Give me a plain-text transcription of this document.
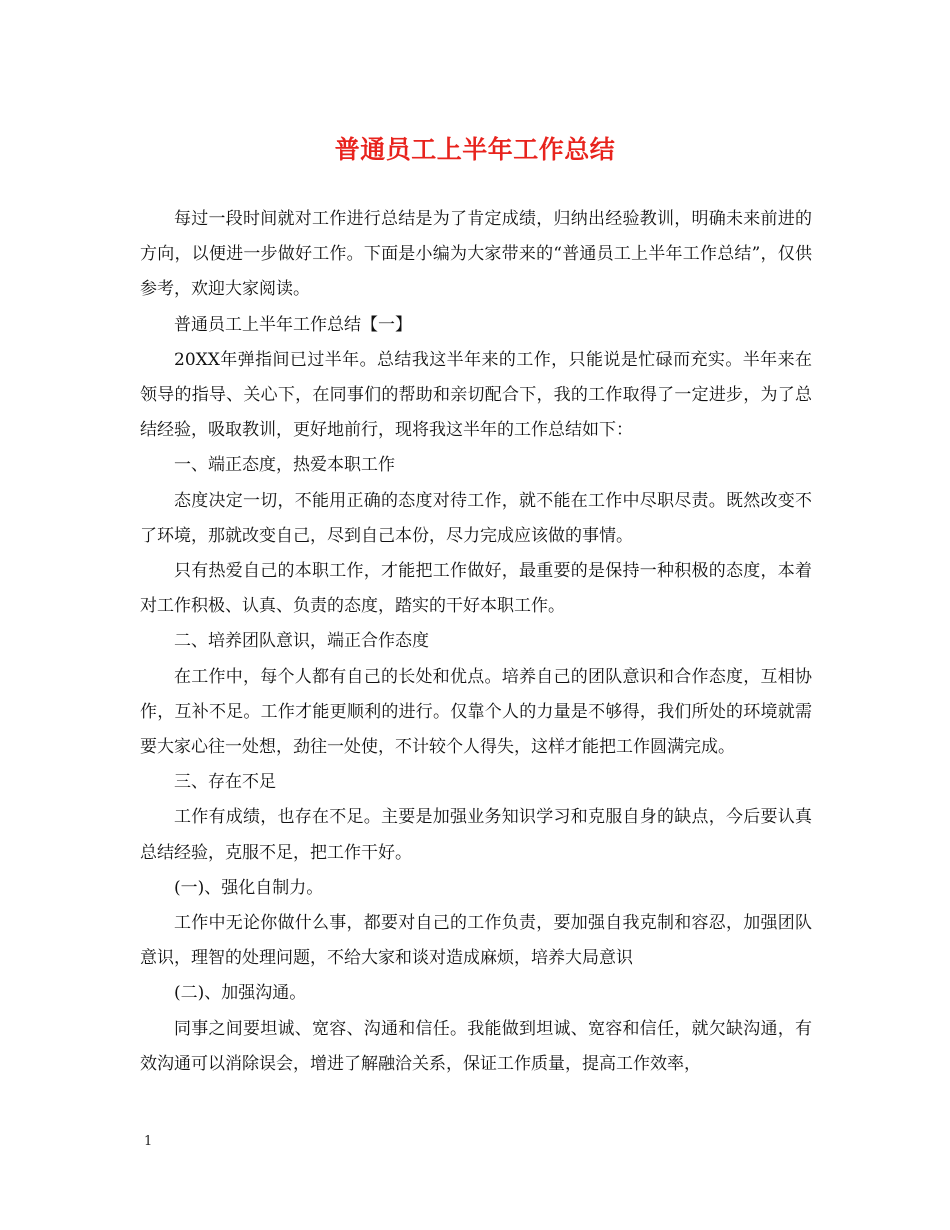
普通员工上半年工作总结

每过一段时间就对工作进行总结是为了肯定成绩，归纳出经验教训，明确未来前进的方向，以便进一步做好工作。下面是小编为大家带来的“普通员工上半年工作总结”，仅供参考，欢迎大家阅读。

普通员工上半年工作总结【一】

20XX年弹指间已过半年。总结我这半年来的工作，只能说是忙碌而充实。半年来在领导的指导、关心下，在同事们的帮助和亲切配合下，我的工作取得了一定进步，为了总结经验，吸取教训，更好地前行，现将我这半年的工作总结如下：

一、端正态度，热爱本职工作

态度决定一切，不能用正确的态度对待工作，就不能在工作中尽职尽责。既然改变不了环境，那就改变自己，尽到自己本份，尽力完成应该做的事情。

只有热爱自己的本职工作，才能把工作做好，最重要的是保持一种积极的态度，本着对工作积极、认真、负责的态度，踏实的干好本职工作。

二、培养团队意识，端正合作态度

在工作中，每个人都有自己的长处和优点。培养自己的团队意识和合作态度，互相协作，互补不足。工作才能更顺利的进行。仅靠个人的力量是不够得，我们所处的环境就需要大家心往一处想，劲往一处使，不计较个人得失，这样才能把工作圆满完成。

三、存在不足

工作有成绩，也存在不足。主要是加强业务知识学习和克服自身的缺点，今后要认真总结经验，克服不足，把工作干好。

(一)、强化自制力。

工作中无论你做什么事，都要对自己的工作负责，要加强自我克制和容忍，加强团队意识，理智的处理问题，不给大家和谈对造成麻烦，培养大局意识

(二)、加强沟通。

同事之间要坦诚、宽容、沟通和信任。我能做到坦诚、宽容和信任，就欠缺沟通，有效沟通可以消除误会，增进了解融洽关系，保证工作质量，提高工作效率，

1
